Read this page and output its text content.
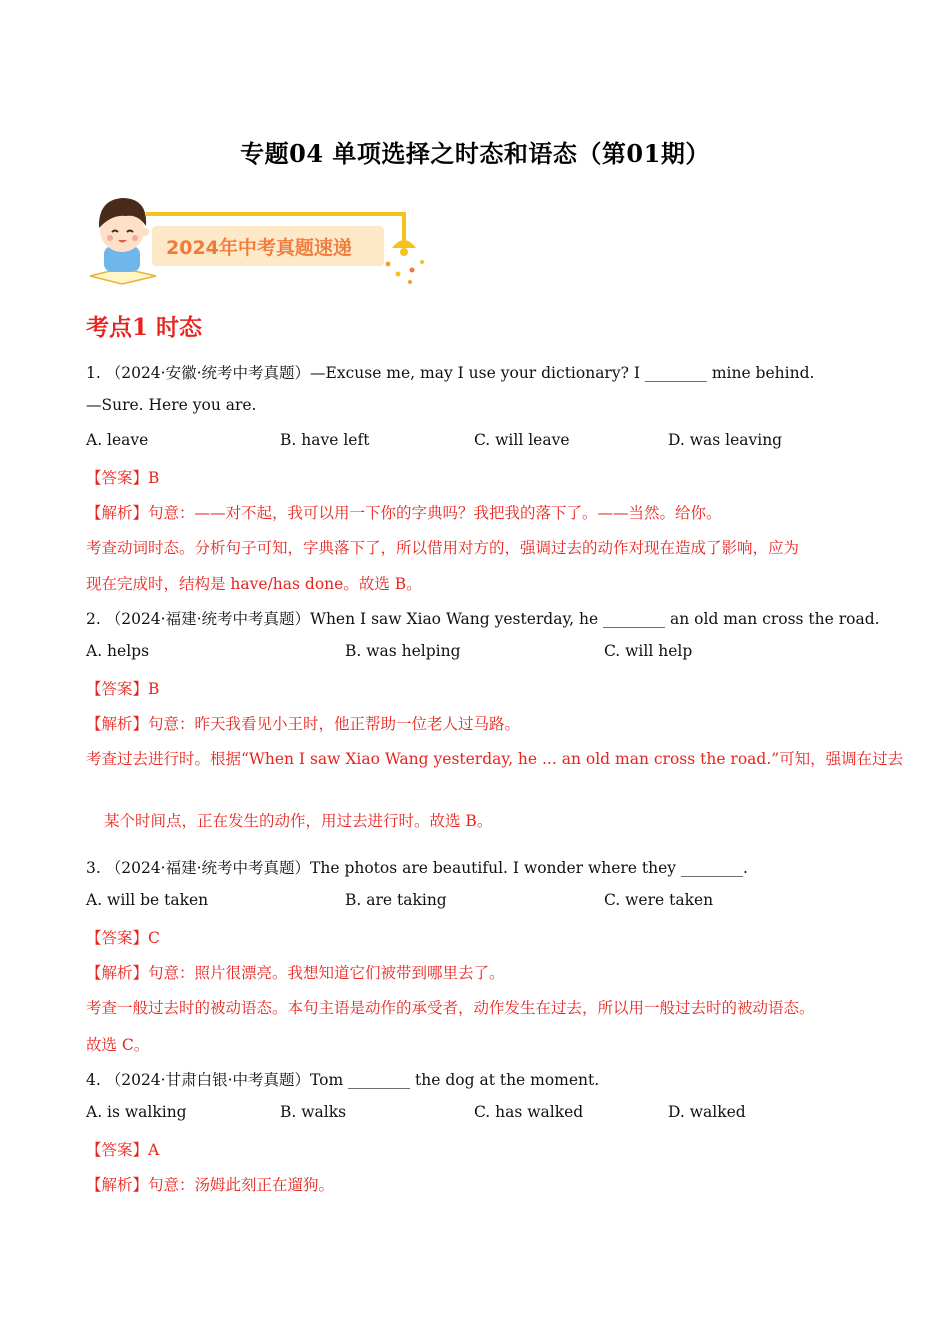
专题04 单项选择之时态和语态（第01期）
2024年中考真题速递
考点1 时态
1. （2024·安徽·统考中考真题）—Excuse me, may I use your dictionary? I ________ mine behind.
—Sure. Here you are.
A. leave	B. have left	C. will leave	D. was leaving
【答案】B
【解析】句意：——对不起，我可以用一下你的字典吗？我把我的落下了。——当然。给你。
考查动词时态。分析句子可知，字典落下了，所以借用对方的，强调过去的动作对现在造成了影响，应为
现在完成时，结构是 have/has done。故选 B。
2. （2024·福建·统考中考真题）When I saw Xiao Wang yesterday, he ________ an old man cross the road.
A. helps	B. was helping	C. will help
【答案】B
【解析】句意：昨天我看见小王时，他正帮助一位老人过马路。
考查过去进行时。根据“When I saw Xiao Wang yesterday, he ... an old man cross the road.”可知，强调在过去
某个时间点，正在发生的动作，用过去进行时。故选 B。
3. （2024·福建·统考中考真题）The photos are beautiful. I wonder where they ________.
A. will be taken	B. are taking	C. were taken
【答案】C
【解析】句意：照片很漂亮。我想知道它们被带到哪里去了。
考查一般过去时的被动语态。本句主语是动作的承受者，动作发生在过去，所以用一般过去时的被动语态。
故选 C。
4. （2024·甘肃白银·中考真题）Tom ________ the dog at the moment.
A. is walking	B. walks	C. has walked	D. walked
【答案】A
【解析】句意：汤姆此刻正在遛狗。
